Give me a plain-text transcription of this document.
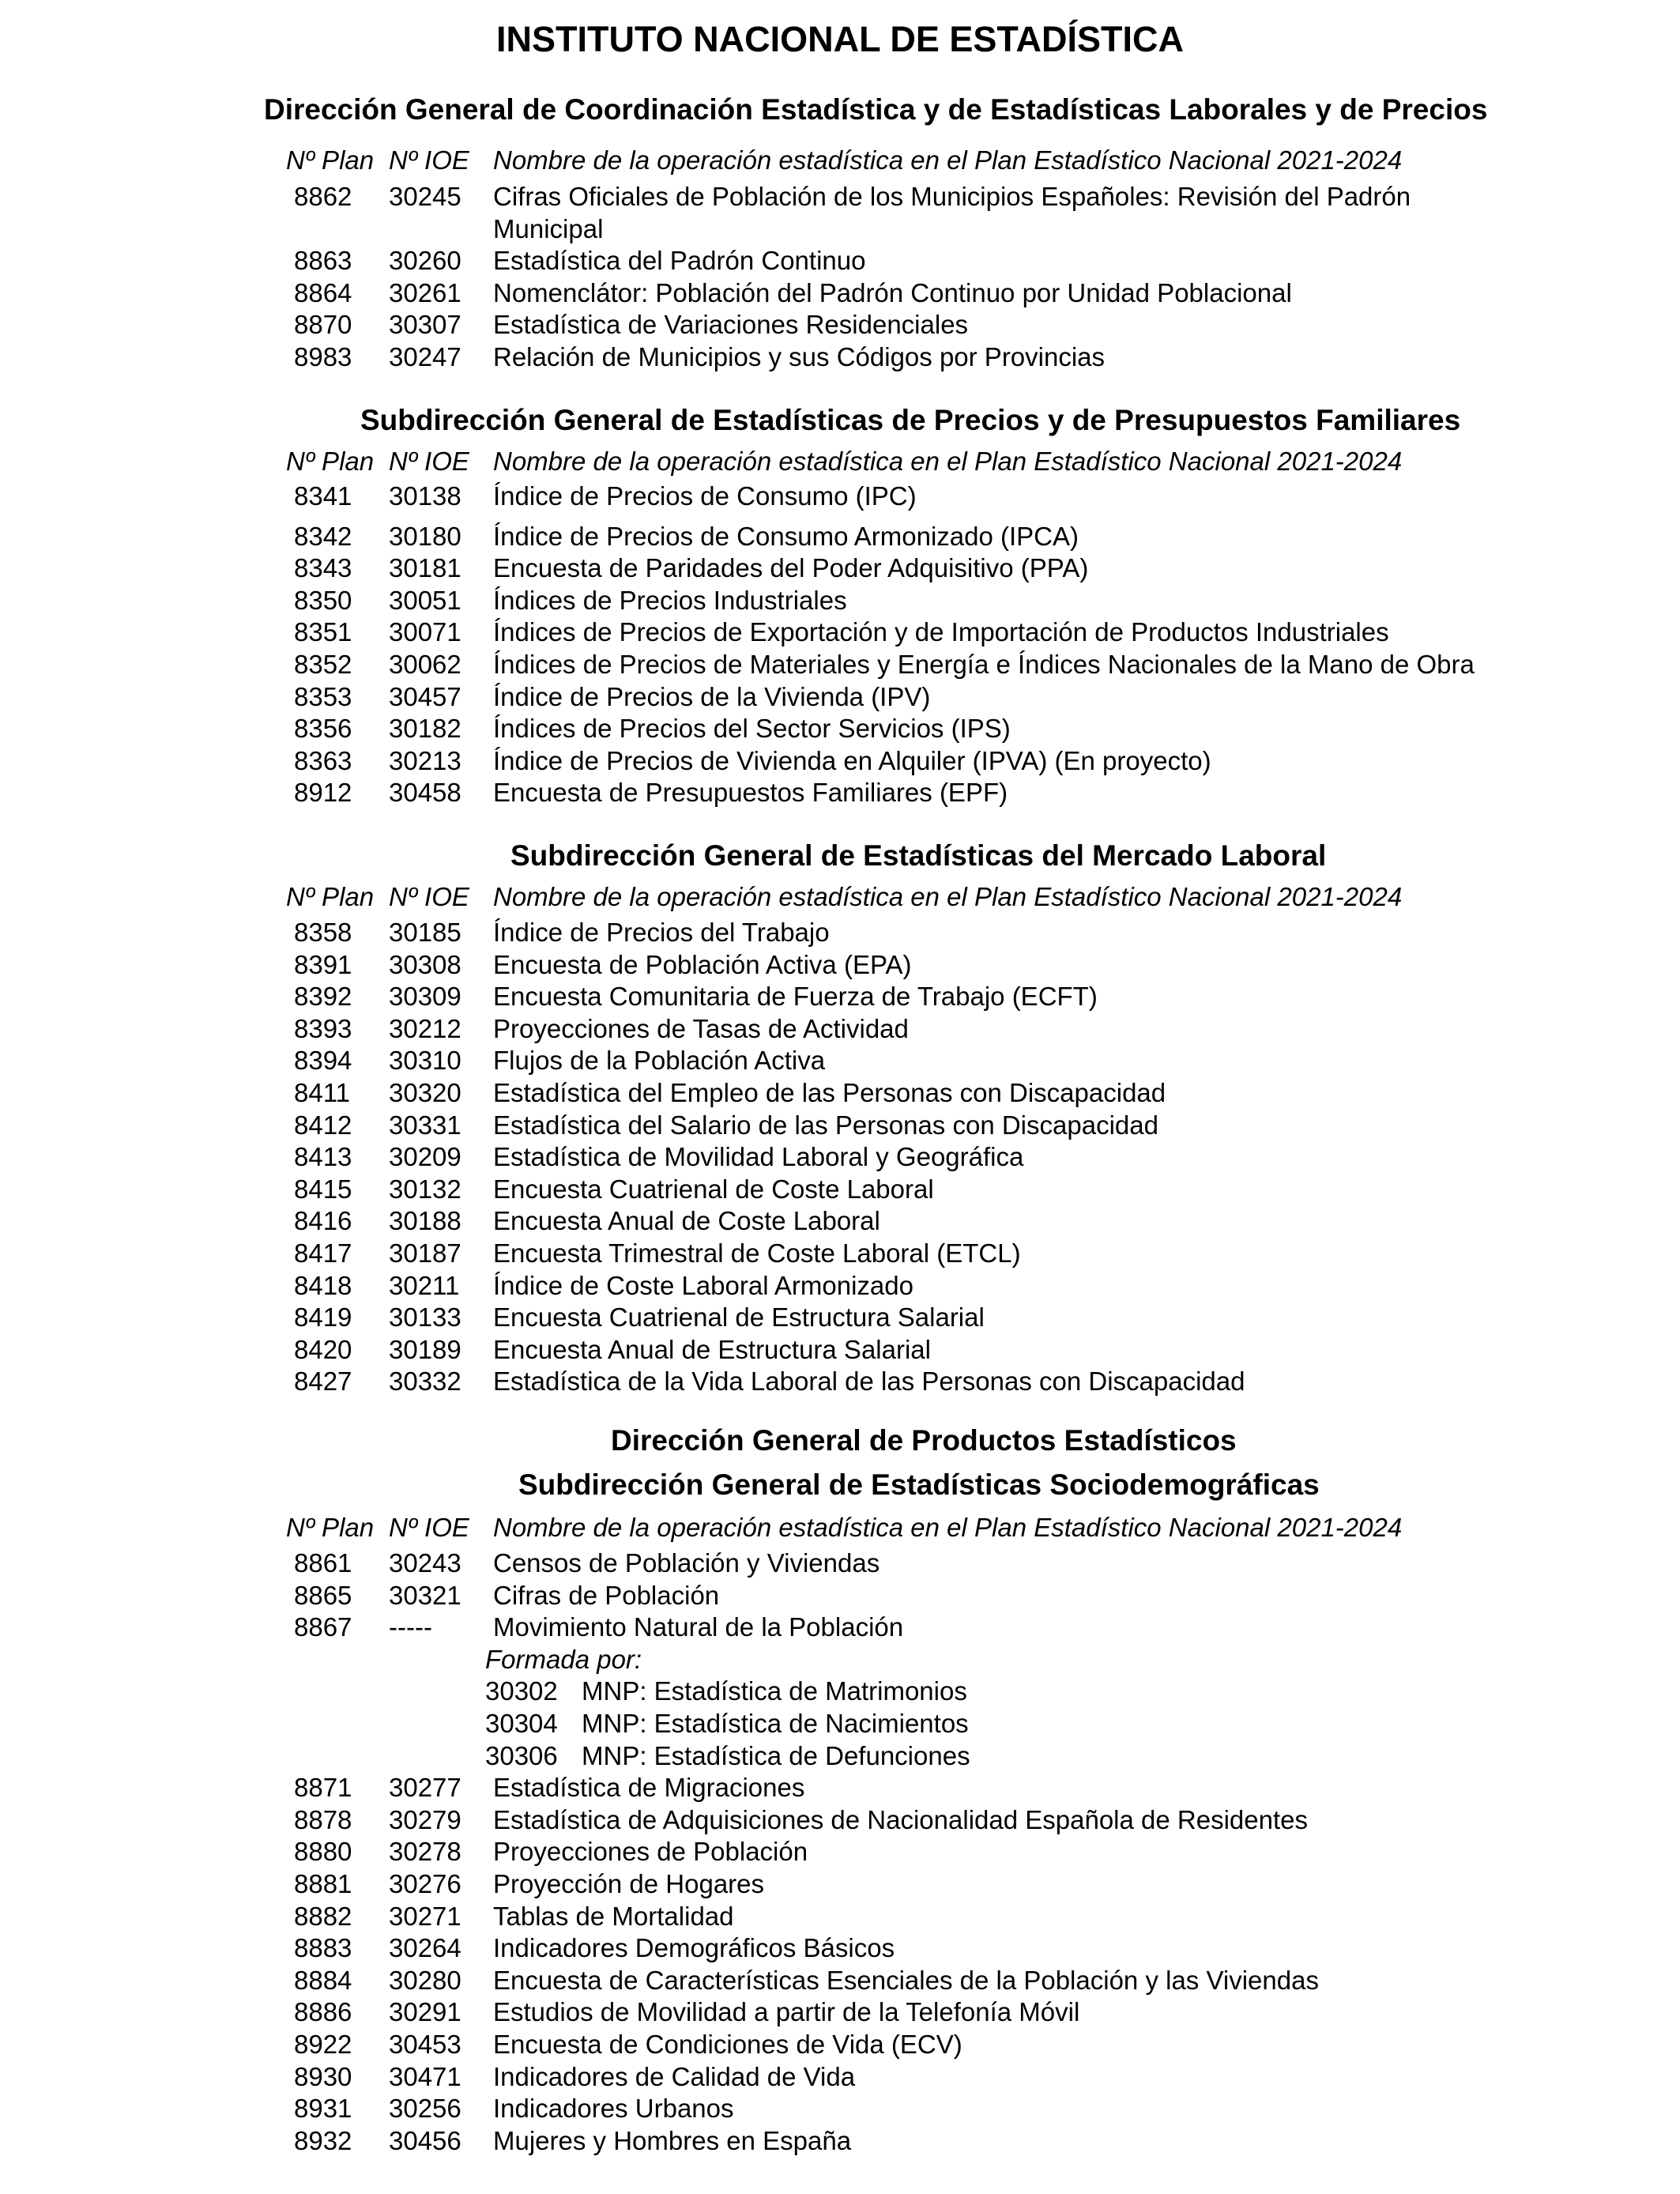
INSTITUTO NACIONAL DE ESTADÍSTICA
Dirección General de Coordinación Estadística y de Estadísticas Laborales y de Precios
Nº Plan Nº IOE Nombre de la operación estadística en el Plan Estadístico Nacional 2021-2024
8862 30245 Cifras Oficiales de Población de los Municipios Españoles: Revisión del Padrón
Municipal
8863 30260 Estadística del Padrón Continuo
8864 30261 Nomenclátor: Población del Padrón Continuo por Unidad Poblacional
8870 30307 Estadística de Variaciones Residenciales
8983 30247 Relación de Municipios y sus Códigos por Provincias
Subdirección General de Estadísticas de Precios y de Presupuestos Familiares
Nº Plan Nº IOE Nombre de la operación estadística en el Plan Estadístico Nacional 2021-2024
8341 30138 Índice de Precios de Consumo (IPC)
8342 30180 Índice de Precios de Consumo Armonizado (IPCA)
8343 30181 Encuesta de Paridades del Poder Adquisitivo (PPA)
8350 30051 Índices de Precios Industriales
8351 30071 Índices de Precios de Exportación y de Importación de Productos Industriales
8352 30062 Índices de Precios de Materiales y Energía e Índices Nacionales de la Mano de Obra
8353 30457 Índice de Precios de la Vivienda (IPV)
8356 30182 Índices de Precios del Sector Servicios (IPS)
8363 30213 Índice de Precios de Vivienda en Alquiler (IPVA) (En proyecto)
8912 30458 Encuesta de Presupuestos Familiares (EPF)
Subdirección General de Estadísticas del Mercado Laboral
Nº Plan Nº IOE Nombre de la operación estadística en el Plan Estadístico Nacional 2021-2024
8358 30185 Índice de Precios del Trabajo
8391 30308 Encuesta de Población Activa (EPA)
8392 30309 Encuesta Comunitaria de Fuerza de Trabajo (ECFT)
8393 30212 Proyecciones de Tasas de Actividad
8394 30310 Flujos de la Población Activa
8411 30320 Estadística del Empleo de las Personas con Discapacidad
8412 30331 Estadística del Salario de las Personas con Discapacidad
8413 30209 Estadística de Movilidad Laboral y Geográfica
8415 30132 Encuesta Cuatrienal de Coste Laboral
8416 30188 Encuesta Anual de Coste Laboral
8417 30187 Encuesta Trimestral de Coste Laboral (ETCL)
8418 30211 Índice de Coste Laboral Armonizado
8419 30133 Encuesta Cuatrienal de Estructura Salarial
8420 30189 Encuesta Anual de Estructura Salarial
8427 30332 Estadística de la Vida Laboral de las Personas con Discapacidad
Dirección General de Productos Estadísticos
Subdirección General de Estadísticas Sociodemográficas
Nº Plan Nº IOE Nombre de la operación estadística en el Plan Estadístico Nacional 2021-2024
8861 30243 Censos de Población y Viviendas
8865 30321 Cifras de Población
8867 ----- Movimiento Natural de la Población
Formada por:
30302 MNP: Estadística de Matrimonios
30304 MNP: Estadística de Nacimientos
30306 MNP: Estadística de Defunciones
8871 30277 Estadística de Migraciones
8878 30279 Estadística de Adquisiciones de Nacionalidad Española de Residentes
8880 30278 Proyecciones de Población
8881 30276 Proyección de Hogares
8882 30271 Tablas de Mortalidad
8883 30264 Indicadores Demográficos Básicos
8884 30280 Encuesta de Características Esenciales de la Población y las Viviendas
8886 30291 Estudios de Movilidad a partir de la Telefonía Móvil
8922 30453 Encuesta de Condiciones de Vida (ECV)
8930 30471 Indicadores de Calidad de Vida
8931 30256 Indicadores Urbanos
8932 30456 Mujeres y Hombres en España
